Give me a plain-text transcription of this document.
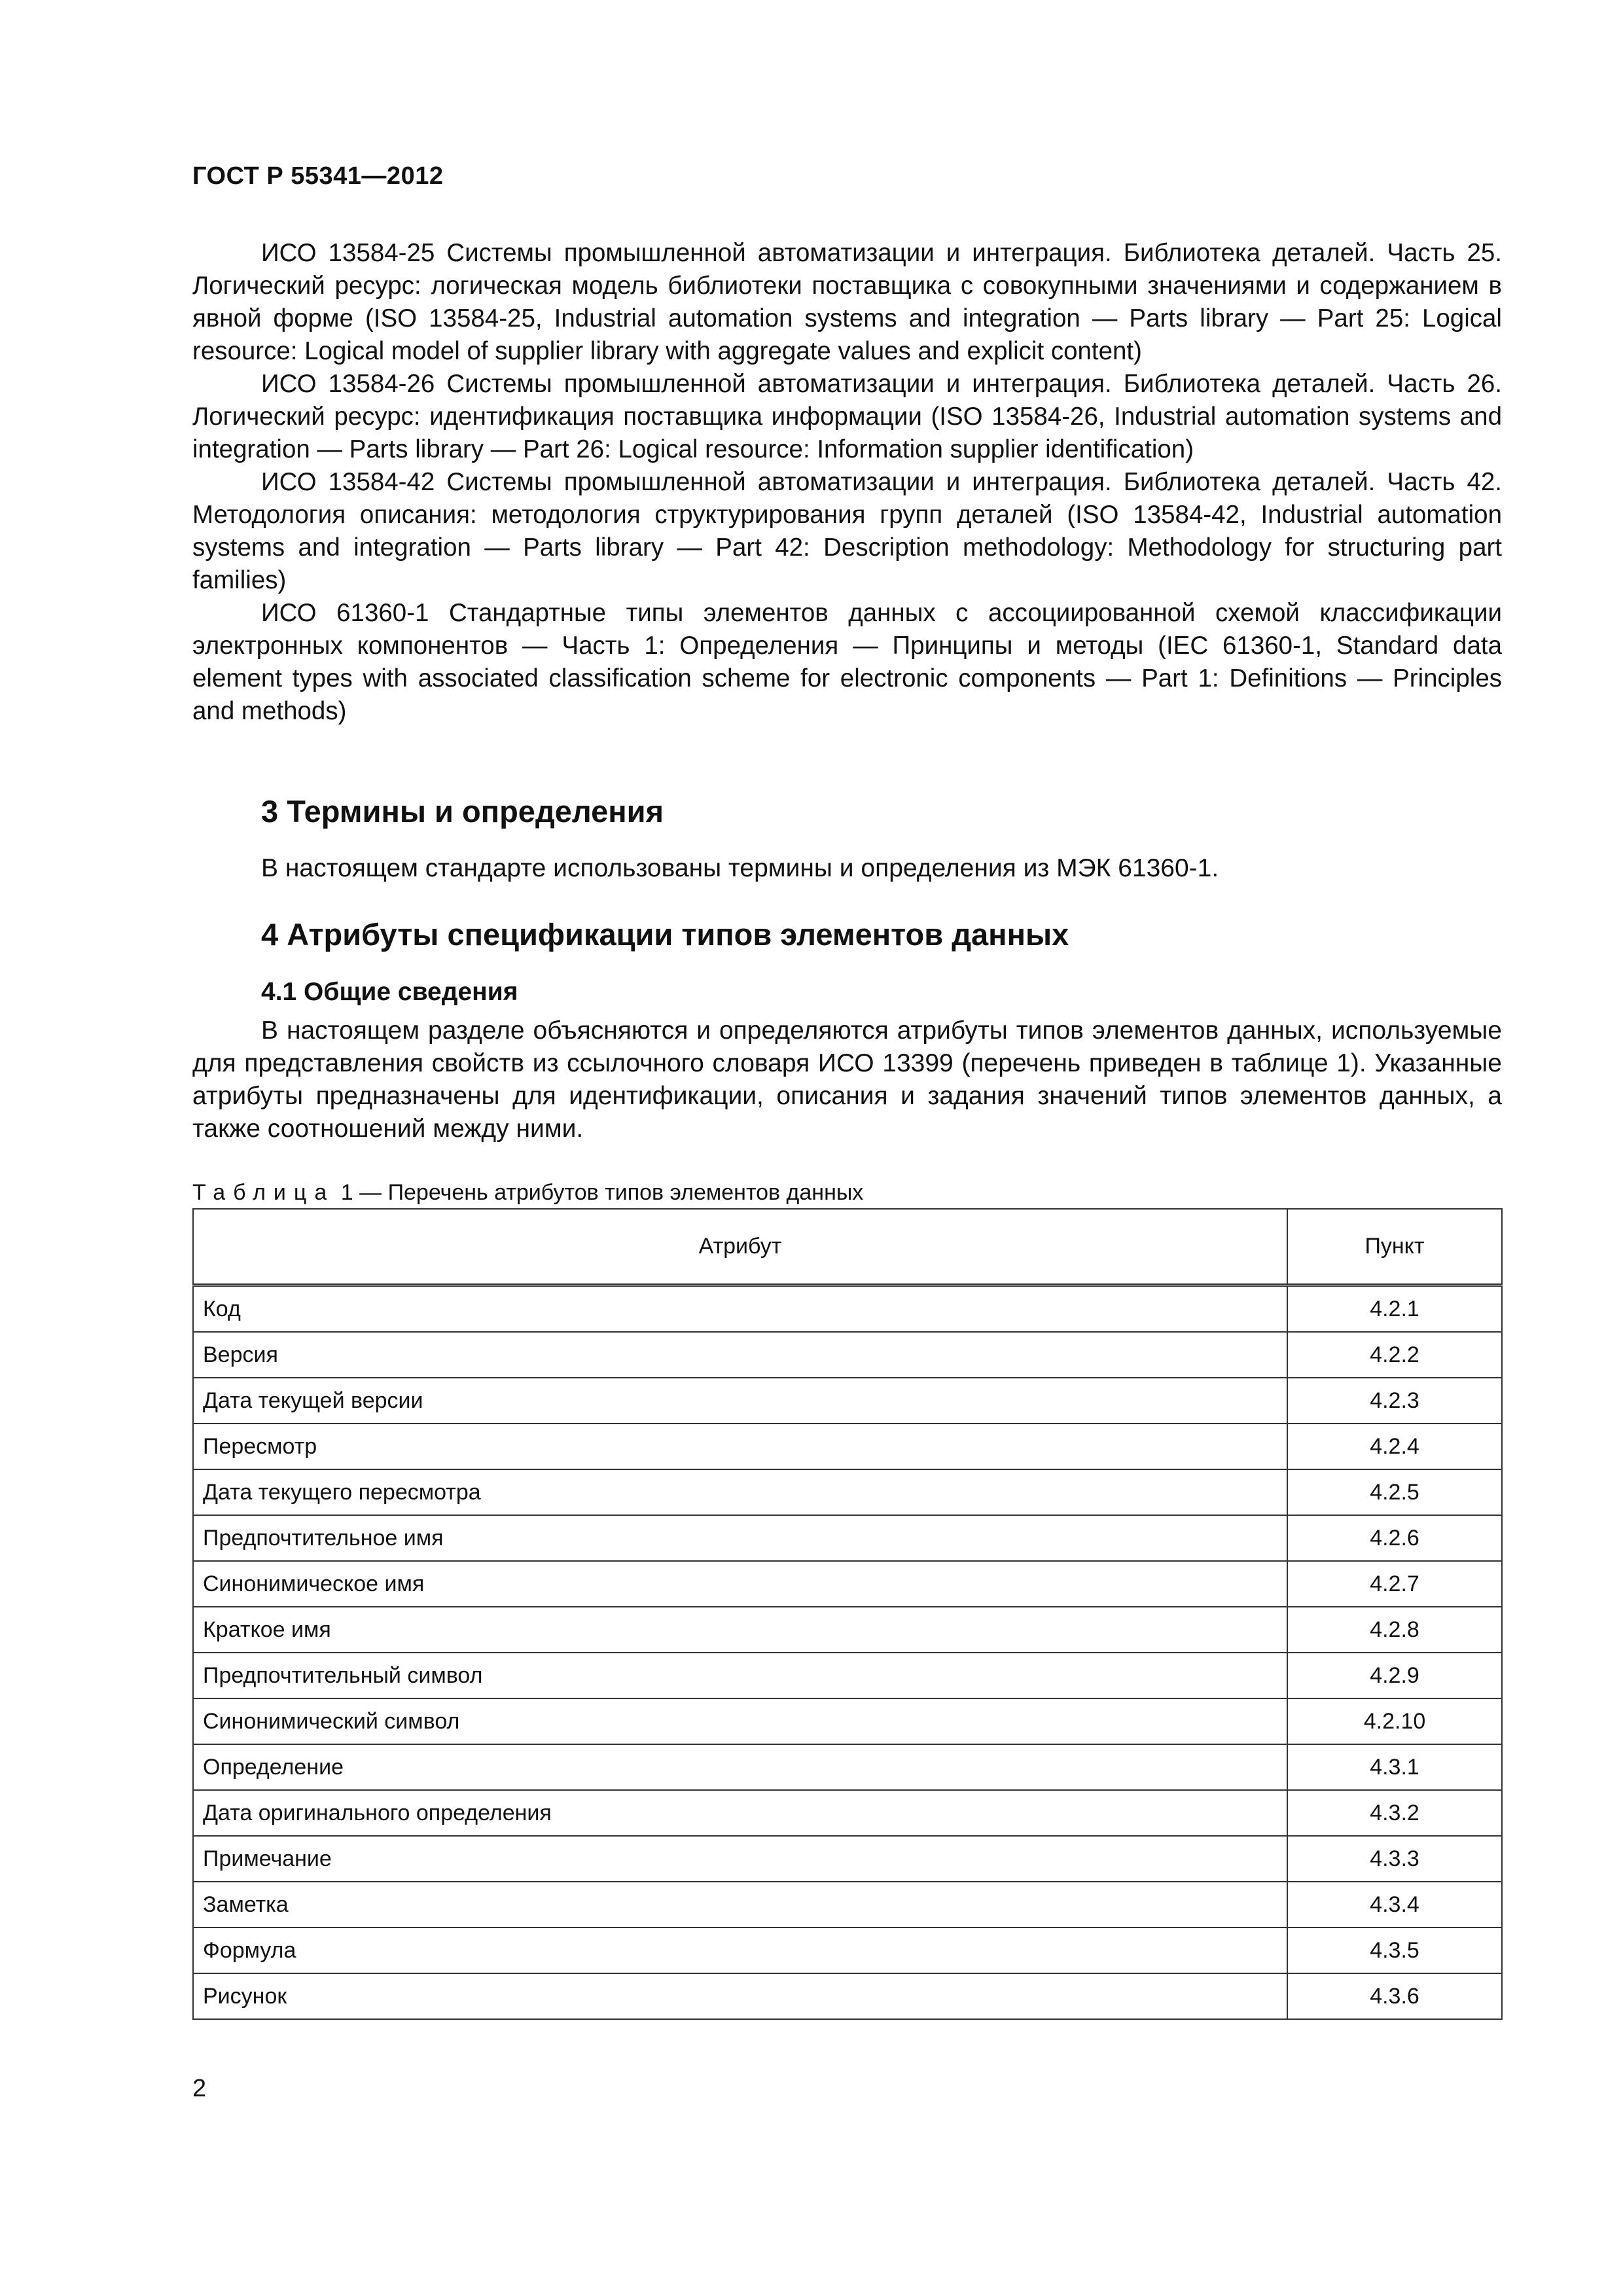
ГОСТ Р 55341—2012

ИСО 13584-25 Системы промышленной автоматизации и интеграция. Библиотека деталей. Часть 25. Логический ресурс: логическая модель библиотеки поставщика с совокупными значениями и содержанием в явной форме (ISO 13584-25, Industrial automation systems and integration — Parts library — Part 25: Logical resource: Logical model of supplier library with aggregate values and explicit content)

ИСО 13584-26 Системы промышленной автоматизации и интеграция. Библиотека деталей. Часть 26. Логический ресурс: идентификация поставщика информации (ISO 13584-26, Industrial automation systems and integration — Parts library — Part 26: Logical resource: Information supplier identification)

ИСО 13584-42 Системы промышленной автоматизации и интеграция. Библиотека деталей. Часть 42. Методология описания: методология структурирования групп деталей (ISO 13584-42, Industrial automation systems and integration — Parts library — Part 42: Description methodology: Methodology for structuring part families)

ИСО 61360-1 Стандартные типы элементов данных с ассоциированной схемой классификации электронных компонентов — Часть 1: Определения — Принципы и методы (IEC 61360-1, Standard data element types with associated classification scheme for electronic components — Part 1: Definitions — Principles and methods)

3 Термины и определения

В настоящем стандарте использованы термины и определения из МЭК 61360-1.

4 Атрибуты спецификации типов элементов данных
4.1 Общие сведения

В настоящем разделе объясняются и определяются атрибуты типов элементов данных, используемые для представления свойств из ссылочного словаря ИСО 13399 (перечень приведен в таблице 1). Указанные атрибуты предназначены для идентификации, описания и задания значений типов элементов данных, а также соотношений между ними.

Таблица 1 — Перечень атрибутов типов элементов данных
Атрибут	Пункт
Код	4.2.1
Версия	4.2.2
Дата текущей версии	4.2.3
Пересмотр	4.2.4
Дата текущего пересмотра	4.2.5
Предпочтительное имя	4.2.6
Синонимическое имя	4.2.7
Краткое имя	4.2.8
Предпочтительный символ	4.2.9
Синонимический символ	4.2.10
Определение	4.3.1
Дата оригинального определения	4.3.2
Примечание	4.3.3
Заметка	4.3.4
Формула	4.3.5
Рисунок	4.3.6
2
